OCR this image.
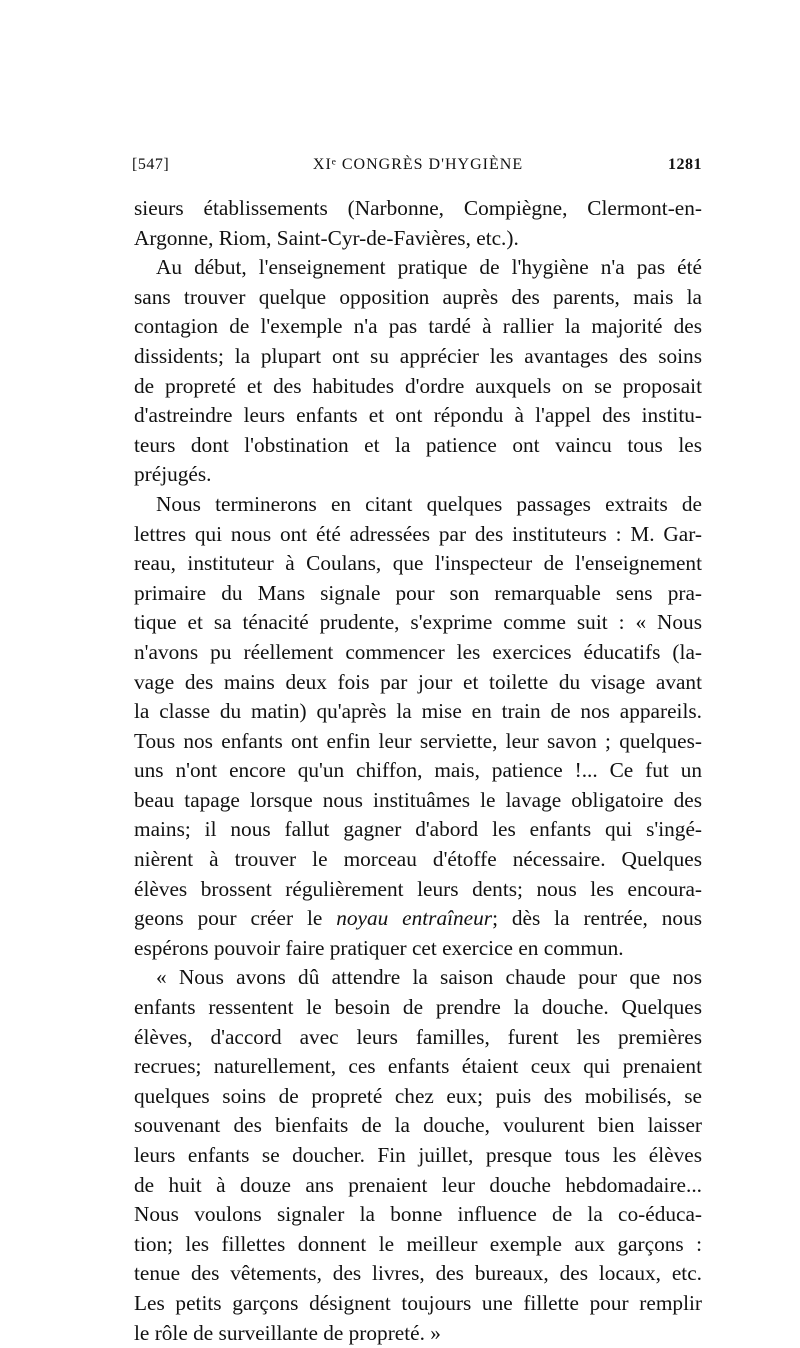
[547]	XIᵉ CONGRÈS D'HYGIÈNE	1281

sieurs établissements (Narbonne, Compiègne, Clermont-en-
Argonne, Riom, Saint-Cyr-de-Favières, etc.).

Au début, l'enseignement pratique de l'hygiène n'a pas été
sans trouver quelque opposition auprès des parents, mais la
contagion de l'exemple n'a pas tardé à rallier la majorité des
dissidents; la plupart ont su apprécier les avantages des soins
de propreté et des habitudes d'ordre auxquels on se proposait
d'astreindre leurs enfants et ont répondu à l'appel des institu-
teurs dont l'obstination et la patience ont vaincu tous les
préjugés.

Nous terminerons en citant quelques passages extraits de
lettres qui nous ont été adressées par des instituteurs : M. Gar-
reau, instituteur à Coulans, que l'inspecteur de l'enseignement
primaire du Mans signale pour son remarquable sens pra-
tique et sa ténacité prudente, s'exprime comme suit : « Nous
n'avons pu réellement commencer les exercices éducatifs (la-
vage des mains deux fois par jour et toilette du visage avant
la classe du matin) qu'après la mise en train de nos appareils.
Tous nos enfants ont enfin leur serviette, leur savon ; quelques-
uns n'ont encore qu'un chiffon, mais, patience !... Ce fut un
beau tapage lorsque nous instituâmes le lavage obligatoire des
mains; il nous fallut gagner d'abord les enfants qui s'ingé-
nièrent à trouver le morceau d'étoffe nécessaire. Quelques
élèves brossent régulièrement leurs dents; nous les encoura-
geons pour créer le noyau entraîneur; dès la rentrée, nous
espérons pouvoir faire pratiquer cet exercice en commun.

« Nous avons dû attendre la saison chaude pour que nos
enfants ressentent le besoin de prendre la douche. Quelques
élèves, d'accord avec leurs familles, furent les premières
recrues; naturellement, ces enfants étaient ceux qui prenaient
quelques soins de propreté chez eux; puis des mobilisés, se
souvenant des bienfaits de la douche, voulurent bien laisser
leurs enfants se doucher. Fin juillet, presque tous les élèves
de huit à douze ans prenaient leur douche hebdomadaire...
Nous voulons signaler la bonne influence de la co-éduca-
tion; les fillettes donnent le meilleur exemple aux garçons :
tenue des vêtements, des livres, des bureaux, des locaux, etc.
Les petits garçons désignent toujours une fillette pour remplir
le rôle de surveillante de propreté. »
